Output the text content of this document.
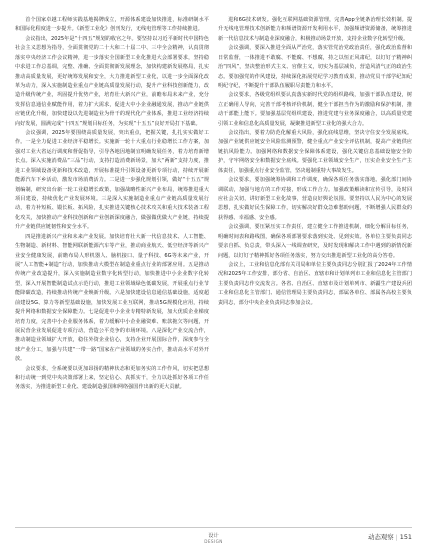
首个国家卓越工程师实践基地揭牌成立，开源体系建设加快推进，标准研制水平和国际化程度进一步提升。《新型工业化》创刊发行，无线电管理等工作持续推进。

会议指出，2025年是“十四五”规划的收官之年。要坚持以习近平新时代中国特色社会主义思想为指导，全面贯彻党的二十大和二十届二中、三中全会精神，认真贯彻落实中央经济工作会议精神，进一步落实全国新型工业化推进大会部署要求，坚持稳中求进工作总基调，完整、准确、全面贯彻新发展理念，加快构建新发展格局，扎实推动高质量发展，更好统筹发展和安全，大力推进新型工业化，以进一步全面深化改革为动力，深入实施制造业重点产业链高质量发展行动，提升产业科技创新能力，改造升级传统产业，巩固提升优势产业，培育壮大新兴产业，前瞻布局未来产业，充分发挥信息通信业赋能作用，着力扩大需求，促进大中小企业融通发展，推动产业链供应链优化升级，加快建设以先进制造业为骨干的现代化产业体系，推进工业经济持续向好发展，圆满完成“十四五”规划目标任务，为实现“十五五”良好开局打下基础。

会议强调，2025年要围绕高质量发展，突出重点，把握关键，扎扎实实做好工作。一是全力促进工业经济平稳增长。实施新一轮十大重点行业稳增长工作方案，加强对工业大省运行调度和督促指导，引导各地因地制宜明确发展任务，着力培育新增长点。深入实施消费品“三品”行动，支持打造消费新场景，加大“两新”支持力度，推进工业领域设备更新和技术改造，开展标准提升引领设备更新专项行动，持续开展新能源汽车下乡活动，激发市场消费活力。二是进一步强化规划引领，做好“十五五”规划编制，研究出台新一轮工业稳增长政策，加强战略性新兴产业布局，统筹推进重大项目建设，持续优化产业发展环境。三是深入实施制造业重点产业链高质量发展行动，着力补短板、锻长板、拓风险，扎实推进关键核心技术攻关和重大技术装备工程化攻关，加快推动产业科技创新和产业创新深度融合，做强做优做大产业链，持续提升产业链供应链韧性和安全水平。

四是推进新兴产业和未来产业发展。加快培育壮大新一代信息技术、人工智能、生物制造、新材料、智能网联新能源汽车等产业，推动商业航天、低空经济等新兴产业安全健康发展，前瞻布局人形机器人、脑机接口、量子科技、6G等未来产业，开展“人工智能+制造”行动，加快推动大模型在制造业重点行业的部署应用。五是推动传统产业改造提升，深入实施制造业数字化转型行动，加快推进中小企业数字化转型，深入开展智能制造试点示范行动，推进工业领域绿色低碳发展，开展重点行业节能降碳改造，持续推动传统产业焕新升级。六是加快建设信息通信基础设施，适度超前建设5G、算力等新型基础设施，加快发展工业互联网，推动5G规模化应用，持续提升网络和数据安全保障能力。七是促进中小企业专精特新发展，加大优质企业梯度培育力度，完善中小企业服务体系，着力缓解中小企业融资难、账款拖欠等问题，开展民营企业发展促进专项行动，营造公平竞争的市场环境。八是深化产业交流合作，推动制造业领域扩大开放，稳住外资企业信心，支持企业开展国际合作，深度参与全球产业分工，加强与共建“一带一路”国家在产业领域的务实合作，推动高水平对外开放。

会议要求，全系统要以更加昂扬的精神状态和更加务实的工作作风，切实把思想和行动统一到党中央决策部署上来，坚定信心、真抓实干，全力以赴抓好各项工作任务落实，为推进新型工业化、建设制造强国和网络强国作出新的更大贡献。

进和6G技术研发。强化互联网基础资源管理，完善App全链条治理长效机制。提升无线电管理技术创新能力和频谱资源开发利用水平，加强频谱资源储备，统筹推进新一代信息技术与制造业深度融合，积极推动场景开放，支持企业数字化转型升级。

会议强调，要深入推进全面从严治党，落实管党治党政治责任，强化政治监督和日常监督，一体推进不敢腐、不能腐、不想腐，持之以恒正风肃纪，以钉钉子精神纠治“四风”，坚决整治形式主义、官僚主义，切实为基层减负，营造风清气正的政治生态。要加强党的作风建设，持续深化拓展党纪学习教育成果，推动党员干部学纪知纪明纪守纪，不断提升干部队伍履职尽责能力和水平。

会议要求，各级党组织要认真落实新时代党的组织路线，加强干部队伍建设，树立正确用人导向，完善干部考核评价机制，健全干部担当作为的激励和保护机制，推动干部能上能下。要加强基层党组织建设，推进党建与业务深度融合，以高质量党建引领工业和信息化高质量发展，凝聚推进新型工业化的强大合力。

会议指出，要着力防范化解重大风险，强化底线思维，坚决守住安全发展底线。加强产业链供应链安全风险监测预警，健全重点产业安全评估机制，提高产业链供应链抗风险能力。加强网络和数据安全保障体系建设，强化关键信息基础设施安全防护，守牢网络安全和数据安全底线。要强化工业领域安全生产，压实企业安全生产主体责任，加强重点行业安全监管，坚决遏制重特大事故发生。

会议要求，要加强统筹协调和工作调度，确保各项任务落实落地。强化部门间协调联动，加强与地方的工作对接，形成工作合力。加强政策解读和宣传引导，及时回应社会关切，讲好新型工业化故事，营造良好舆论氛围。要坚持以人民为中心的发展思想，扎实做好民生保障工作，切实解决好群众急难愁盼问题，不断增强人民群众的获得感、幸福感、安全感。

会议强调，要压紧压实工作责任，建立健全工作推进机制，细化分解目标任务，明确时间表和路线图，确保各项部署要求落到实处、见到实效。各单位主要负责同志要亲自抓、负总责，带头深入一线调查研究，及时发现和解决工作中遇到的新情况新问题，以钉钉子精神抓好各项任务落实，努力交出推进新型工业化的高分答卷。

会议上，工业和信息化部有关司局和单位主要负责同志分别汇报了2024年工作情况和2025年工作安排，部分省、自治区、直辖市和计划单列市工业和信息化主管部门主要负责同志作交流发言。各省、自治区、直辖市及计划单列市、新疆生产建设兵团工业和信息化主管部门、通信管理局主要负责同志，部属各单位、部属各高校主要负责同志，部分中央企业负责同志参加会议。

设计
DESIGN
动态观察 | 151
